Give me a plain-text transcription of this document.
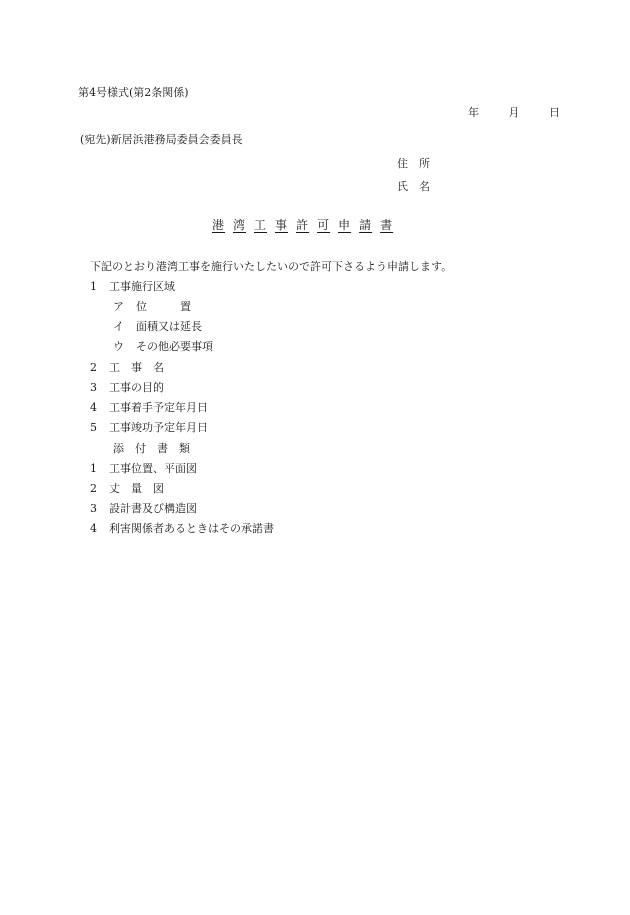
第4号様式(第2条関係)
年	月	日
(宛先)新居浜港務局委員会委員長
住　所
氏　名
港 湾 工 事 許 可 申 請 書
下記のとおり港湾工事を施行いたしたいので許可下さるよう申請します。
1 工事施行区域
ア 位　　　置
イ 面積又は延長
ウ その他必要事項
2 工　事　名
3 工事の目的
4 工事着手予定年月日
5 工事竣功予定年月日
添　付　書　類
1 工事位置、平面図
2 丈　量　図
3 設計書及び構造図
4 利害関係者あるときはその承諾書
